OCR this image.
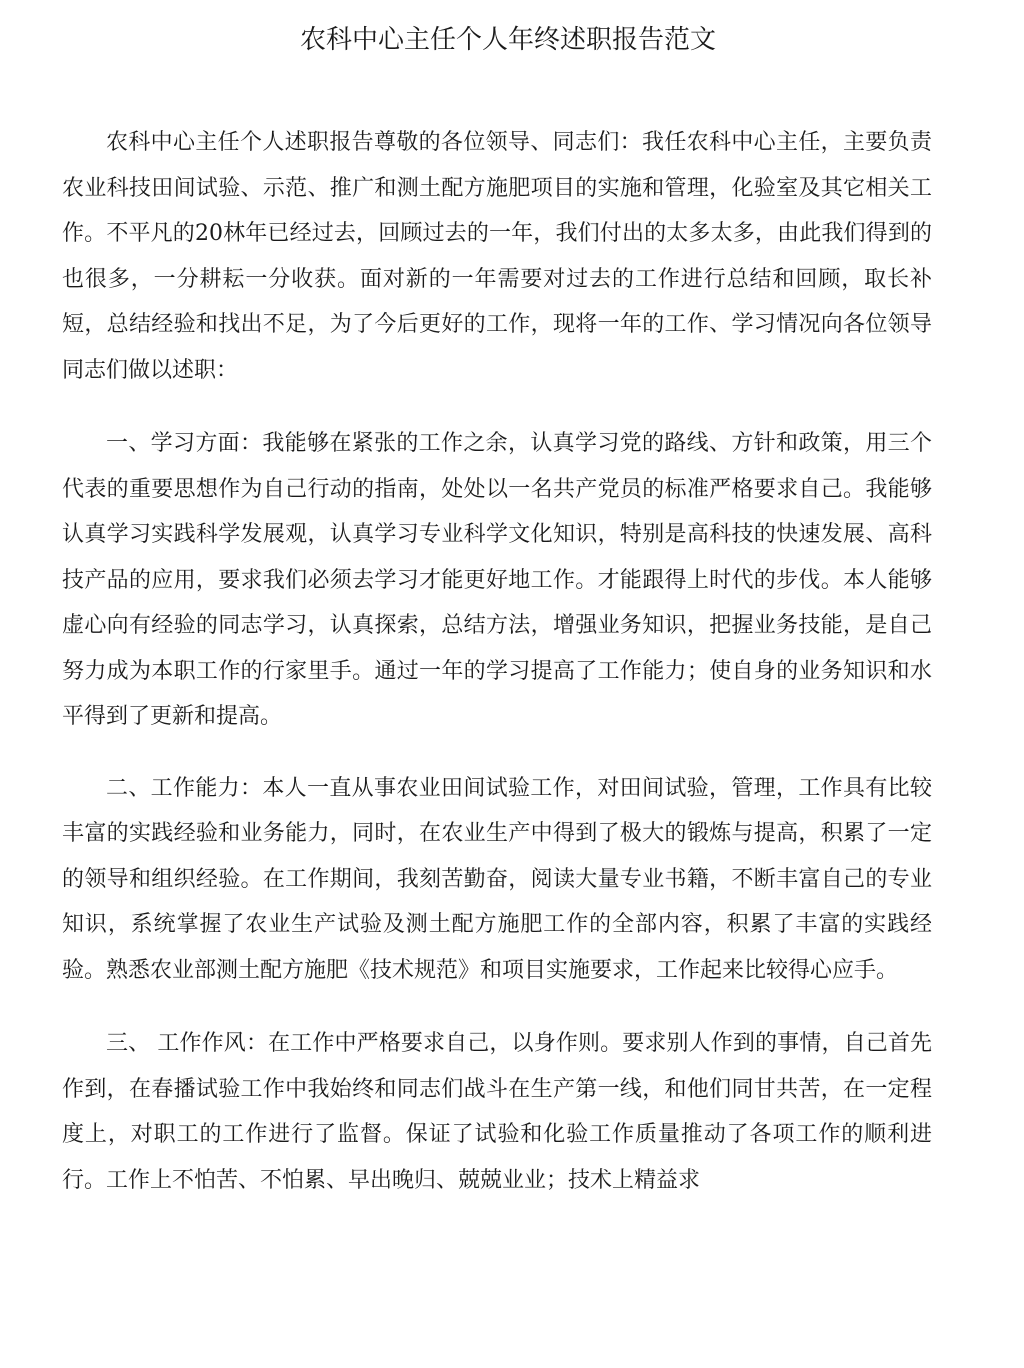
农科中心主任个人年终述职报告范文

农科中心主任个人述职报告尊敬的各位领导、同志们：我任农科中心主任，主要负责农业科技田间试验、示范、推广和测土配方施肥项目的实施和管理，化验室及其它相关工作。不平凡的20林年已经过去，回顾过去的一年，我们付出的太多太多，由此我们得到的也很多，一分耕耘一分收获。面对新的一年需要对过去的工作进行总结和回顾，取长补短，总结经验和找出不足，为了今后更好的工作，现将一年的工作、学习情况向各位领导同志们做以述职：

一、学习方面：我能够在紧张的工作之余，认真学习党的路线、方针和政策，用三个代表的重要思想作为自己行动的指南，处处以一名共产党员的标准严格要求自己。我能够认真学习实践科学发展观，认真学习专业科学文化知识，特别是高科技的快速发展、高科技产品的应用，要求我们必须去学习才能更好地工作。才能跟得上时代的步伐。本人能够虚心向有经验的同志学习，认真探索，总结方法，增强业务知识，把握业务技能，是自己努力成为本职工作的行家里手。通过一年的学习提高了工作能力；使自身的业务知识和水平得到了更新和提高。

二、工作能力：本人一直从事农业田间试验工作，对田间试验，管理，工作具有比较丰富的实践经验和业务能力，同时，在农业生产中得到了极大的锻炼与提高，积累了一定的领导和组织经验。在工作期间，我刻苦勤奋，阅读大量专业书籍，不断丰富自己的专业知识，系统掌握了农业生产试验及测土配方施肥工作的全部内容，积累了丰富的实践经验。熟悉农业部测土配方施肥《技术规范》和项目实施要求，工作起来比较得心应手。

三、 工作作风：在工作中严格要求自己，以身作则。要求别人作到的事情，自己首先作到，在春播试验工作中我始终和同志们战斗在生产第一线，和他们同甘共苦，在一定程度上，对职工的工作进行了监督。保证了试验和化验工作质量推动了各项工作的顺利进行。工作上不怕苦、不怕累、早出晚归、兢兢业业；技术上精益求
